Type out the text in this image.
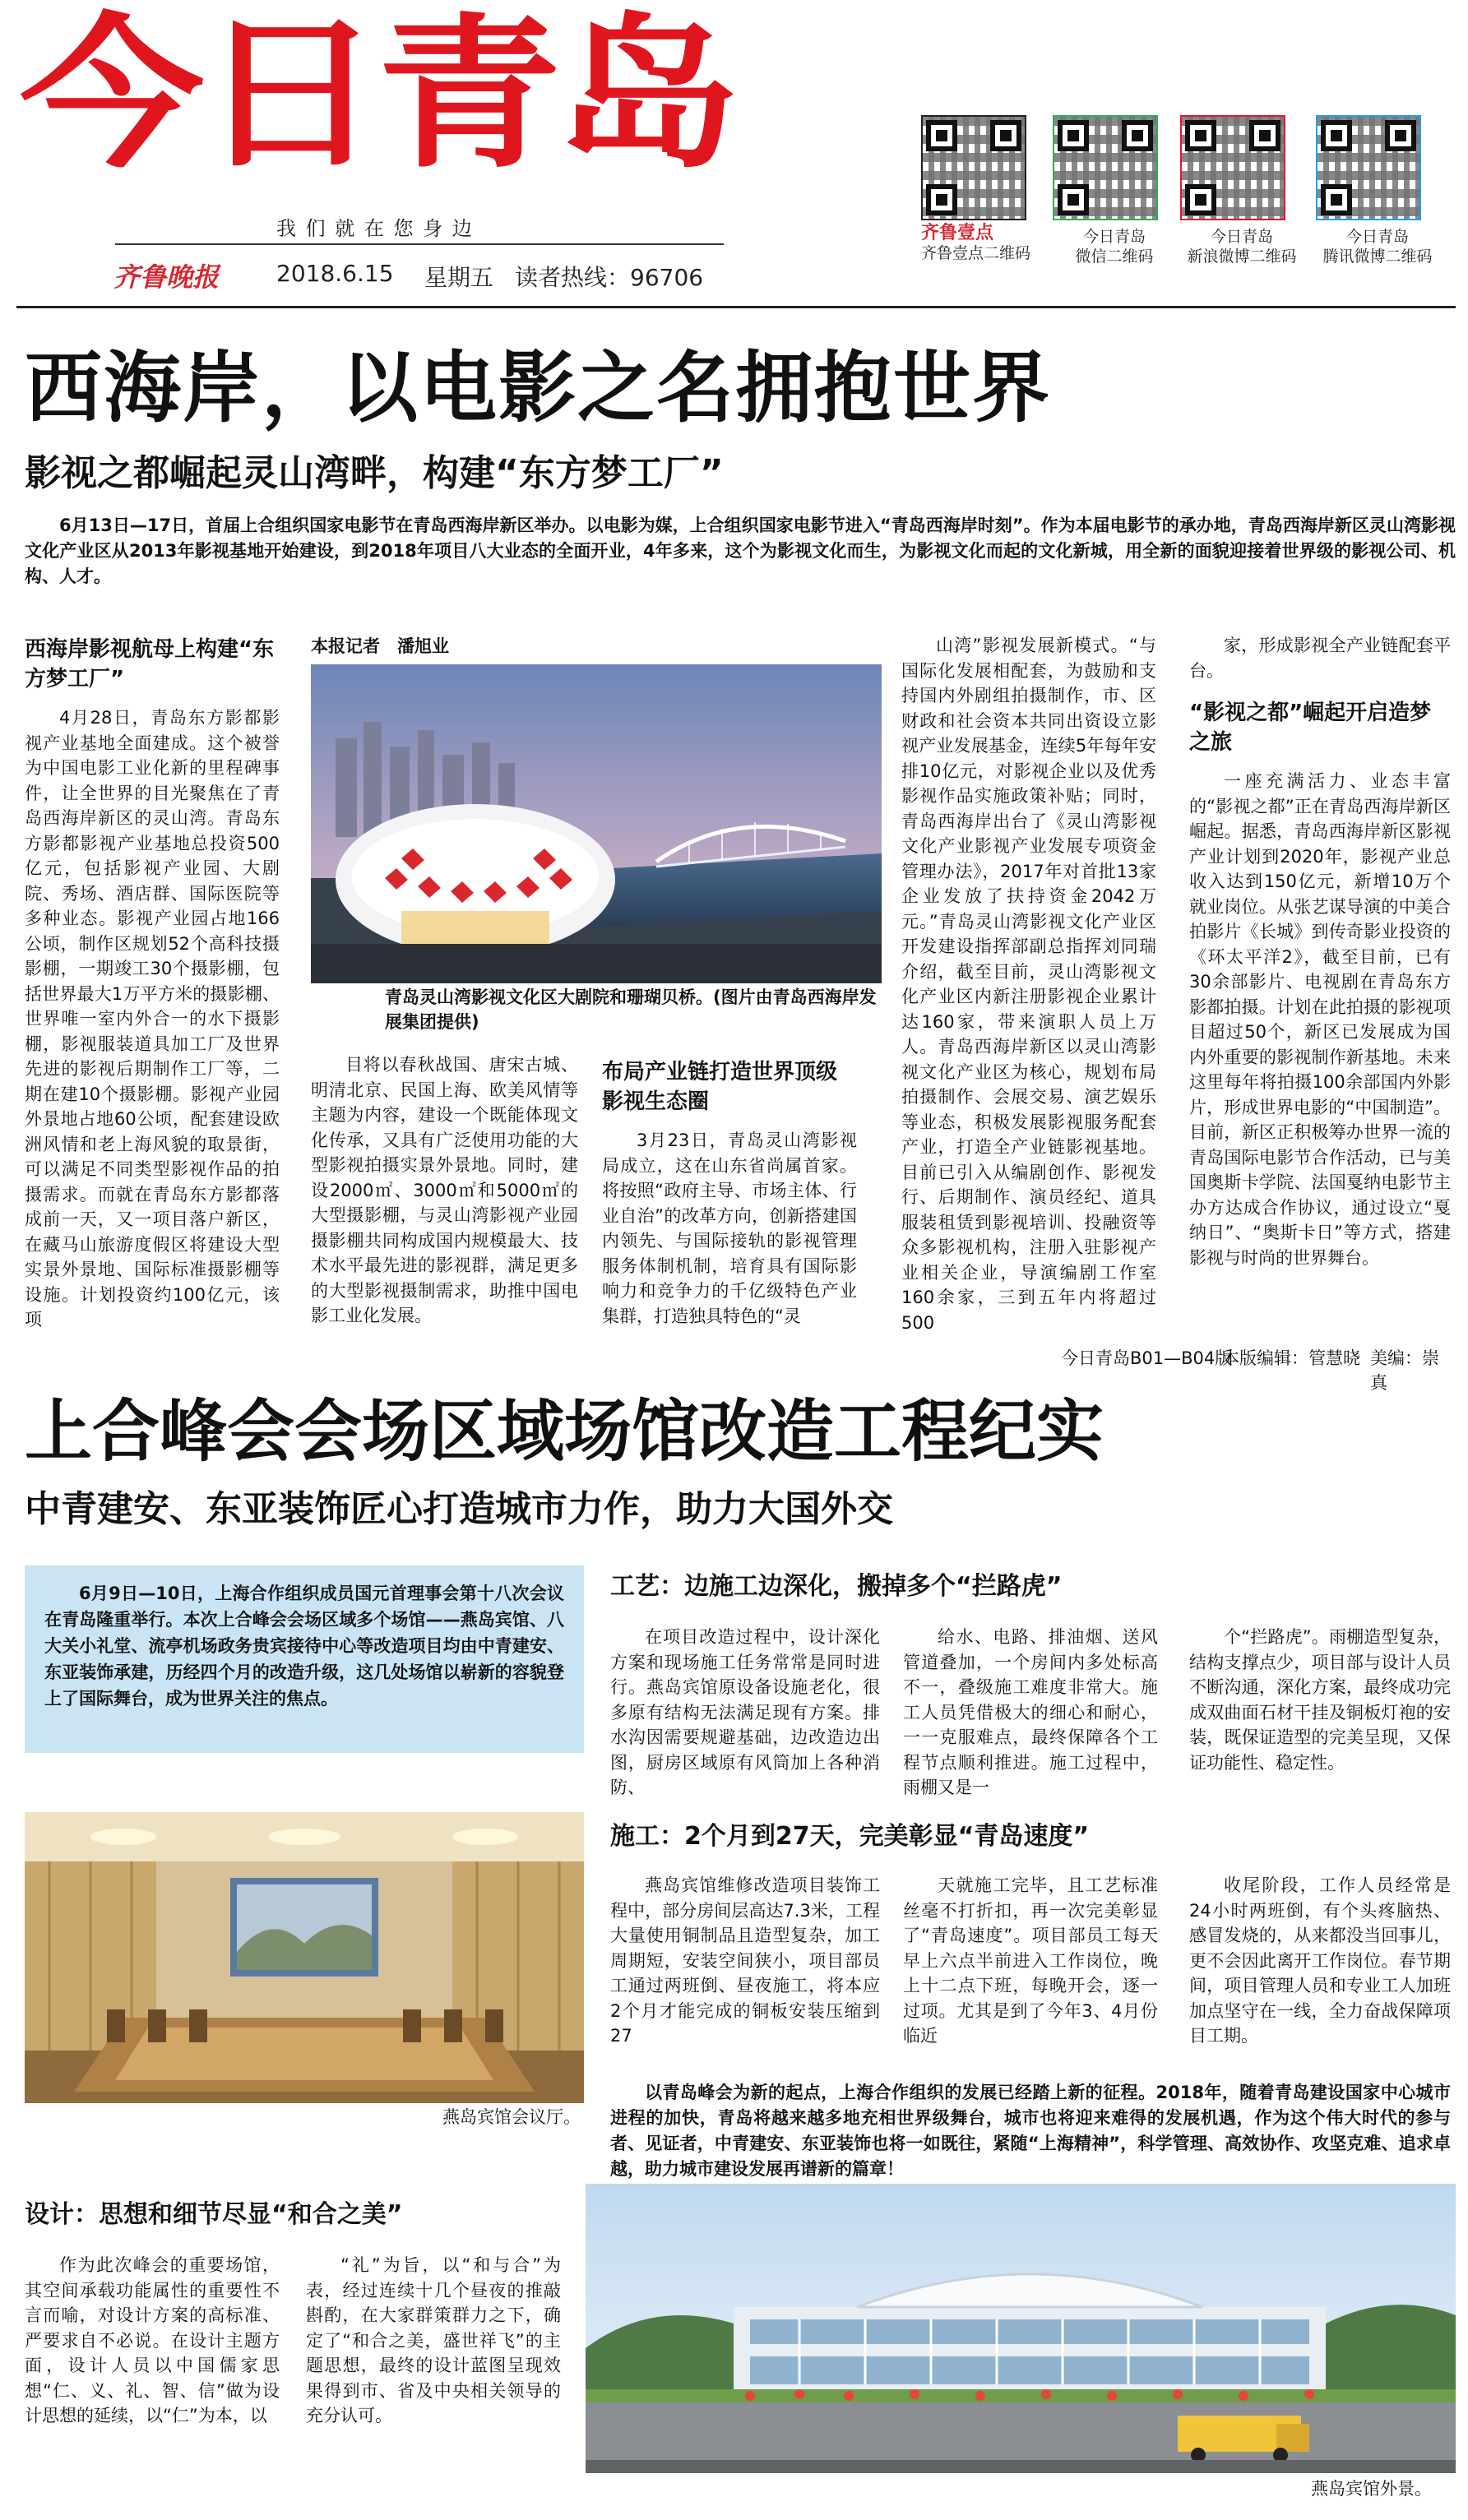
今日青岛
我 们 就 在 您 身 边
齐鲁晚报 2018.6.15 星期五 读者热线：96706
齐鲁壹点
齐鲁壹点二维码
今日青岛
微信二维码
今日青岛
新浪微博二维码
今日青岛
腾讯微博二维码
西海岸，以电影之名拥抱世界
影视之都崛起灵山湾畔，构建“东方梦工厂”
6月13日—17日，首届上合组织国家电影节在青岛西海岸新区举办。以电影为媒，上合组织国家电影节进入“青岛西海岸时刻”。作为本届电影节的承办地，青岛西海岸新区灵山湾影视文化产业区从2013年影视基地开始建设，到2018年项目八大业态的全面开业，4年多来，这个为影视文化而生，为影视文化而起的文化新城，用全新的面貌迎接着世界级的影视公司、机构、人才。
西海岸影视航母上构建“东方梦工厂”
4月28日，青岛东方影都影视产业基地全面建成。这个被誉为中国电影工业化新的里程碑事件，让全世界的目光聚焦在了青岛西海岸新区的灵山湾。青岛东方影都影视产业基地总投资500亿元，包括影视产业园、大剧院、秀场、酒店群、国际医院等多种业态。影视产业园占地166公顷，制作区规划52个高科技摄影棚，一期竣工30个摄影棚，包括世界最大1万平方米的摄影棚、世界唯一室内外合一的水下摄影棚，影视服装道具加工厂及世界先进的影视后期制作工厂等，二期在建10个摄影棚。影视产业园外景地占地60公顷，配套建设欧洲风情和老上海风貌的取景街，可以满足不同类型影视作品的拍摄需求。而就在青岛东方影都落成前一天，又一项目落户新区，在藏马山旅游度假区将建设大型实景外景地、国际标准摄影棚等设施。计划投资约100亿元，该项
本报记者　潘旭业
青岛灵山湾影视文化区大剧院和珊瑚贝桥。(图片由青岛西海岸发展集团提供)
目将以春秋战国、唐宋古城、明清北京、民国上海、欧美风情等主题为内容，建设一个既能体现文化传承，又具有广泛使用功能的大型影视拍摄实景外景地。同时，建设2000㎡、3000㎡和5000㎡的大型摄影棚，与灵山湾影视产业园摄影棚共同构成国内规模最大、技术水平最先进的影视群，满足更多的大型影视摄制需求，助推中国电影工业化发展。
布局产业链打造世界顶级影视生态圈
3月23日，青岛灵山湾影视局成立，这在山东省尚属首家。将按照“政府主导、市场主体、行业自治”的改革方向，创新搭建国内领先、与国际接轨的影视管理服务体制机制，培育具有国际影响力和竞争力的千亿级特色产业集群，打造独具特色的“灵
山湾”影视发展新模式。“与国际化发展相配套，为鼓励和支持国内外剧组拍摄制作，市、区财政和社会资本共同出资设立影视产业发展基金，连续5年每年安排10亿元，对影视企业以及优秀影视作品实施政策补贴；同时，青岛西海岸出台了《灵山湾影视文化产业影视产业发展专项资金管理办法》，2017年对首批13家企业发放了扶持资金2042万元。”青岛灵山湾影视文化产业区开发建设指挥部副总指挥刘同瑞介绍，截至目前，灵山湾影视文化产业区内新注册影视企业累计达160家，带来演职人员上万人。青岛西海岸新区以灵山湾影视文化产业区为核心，规划布局拍摄制作、会展交易、演艺娱乐等业态，积极发展影视服务配套产业，打造全产业链影视基地。目前已引入从编剧创作、影视发行、后期制作、演员经纪、道具服装租赁到影视培训、投融资等众多影视机构，注册入驻影视产业相关企业，导演编剧工作室160余家，三到五年内将超过500
家，形成影视全产业链配套平台。
“影视之都”崛起开启造梦之旅
一座充满活力、业态丰富的“影视之都”正在青岛西海岸新区崛起。据悉，青岛西海岸新区影视产业计划到2020年，影视产业总收入达到150亿元，新增10万个就业岗位。从张艺谋导演的中美合拍影片《长城》到传奇影业投资的《环太平洋2》，截至目前，已有30余部影片、电视剧在青岛东方影都拍摄。计划在此拍摄的影视项目超过50个，新区已发展成为国内外重要的影视制作新基地。未来这里每年将拍摄100余部国内外影片，形成世界电影的“中国制造”。目前，新区正积极筹办世界一流的青岛国际电影节合作活动，已与美国奥斯卡学院、法国戛纳电影节主办方达成合作协议，通过设立“戛纳日”、“奥斯卡日”等方式，搭建影视与时尚的世界舞台。
今日青岛B01—B04版
本版编辑：管慧晓 美编：崇真
上合峰会会场区域场馆改造工程纪实
中青建安、东亚装饰匠心打造城市力作，助力大国外交
6月9日—10日，上海合作组织成员国元首理事会第十八次会议在青岛隆重举行。本次上合峰会会场区域多个场馆——燕岛宾馆、八大关小礼堂、流亭机场政务贵宾接待中心等改造项目均由中青建安、东亚装饰承建，历经四个月的改造升级，这几处场馆以崭新的容貌登上了国际舞台，成为世界关注的焦点。
燕岛宾馆会议厅。
工艺：边施工边深化，搬掉多个“拦路虎”
在项目改造过程中，设计深化方案和现场施工任务常常是同时进行。燕岛宾馆原设备设施老化，很多原有结构无法满足现有方案。排水沟因需要规避基础，边改造边出图，厨房区域原有风筒加上各种消防、
给水、电路、排油烟、送风管道叠加，一个房间内多处标高不一，叠级施工难度非常大。施工人员凭借极大的细心和耐心，一一克服难点，最终保障各个工程节点顺利推进。施工过程中，雨棚又是一
个“拦路虎”。雨棚造型复杂，结构支撑点少，项目部与设计人员不断沟通，深化方案，最终成功完成双曲面石材干挂及铜板灯袍的安装，既保证造型的完美呈现，又保证功能性、稳定性。
施工：2个月到27天，完美彰显“青岛速度”
燕岛宾馆维修改造项目装饰工程中，部分房间层高达7.3米，工程大量使用铜制品且造型复杂，加工周期短，安装空间狭小，项目部员工通过两班倒、昼夜施工，将本应2个月才能完成的铜板安装压缩到27
天就施工完毕，且工艺标准丝毫不打折扣，再一次完美彰显了“青岛速度”。项目部员工每天早上六点半前进入工作岗位，晚上十二点下班，每晚开会，逐一过项。尤其是到了今年3、4月份临近
收尾阶段，工作人员经常是24小时两班倒，有个头疼脑热、感冒发烧的，从来都没当回事儿，更不会因此离开工作岗位。春节期间，项目管理人员和专业工人加班加点坚守在一线，全力奋战保障项目工期。
以青岛峰会为新的起点，上海合作组织的发展已经踏上新的征程。2018年，随着青岛建设国家中心城市进程的加快，青岛将越来越多地充相世界级舞台，城市也将迎来难得的发展机遇，作为这个伟大时代的参与者、见证者，中青建安、东亚装饰也将一如既往，紧随“上海精神”，科学管理、高效协作、攻坚克难、追求卓越，助力城市建设发展再谱新的篇章！
设计：思想和细节尽显“和合之美”
作为此次峰会的重要场馆，其空间承载功能属性的重要性不言而喻，对设计方案的高标准、严要求自不必说。在设计主题方面，设计人员以中国儒家思想“仁、义、礼、智、信”做为设计思想的延续，以“仁”为本，以
“礼”为旨，以“和与合”为表，经过连续十几个昼夜的推敲斟酌，在大家群策群力之下，确定了“和合之美，盛世祥飞”的主题思想，最终的设计蓝图呈现效果得到市、省及中央相关领导的充分认可。
燕岛宾馆外景。
